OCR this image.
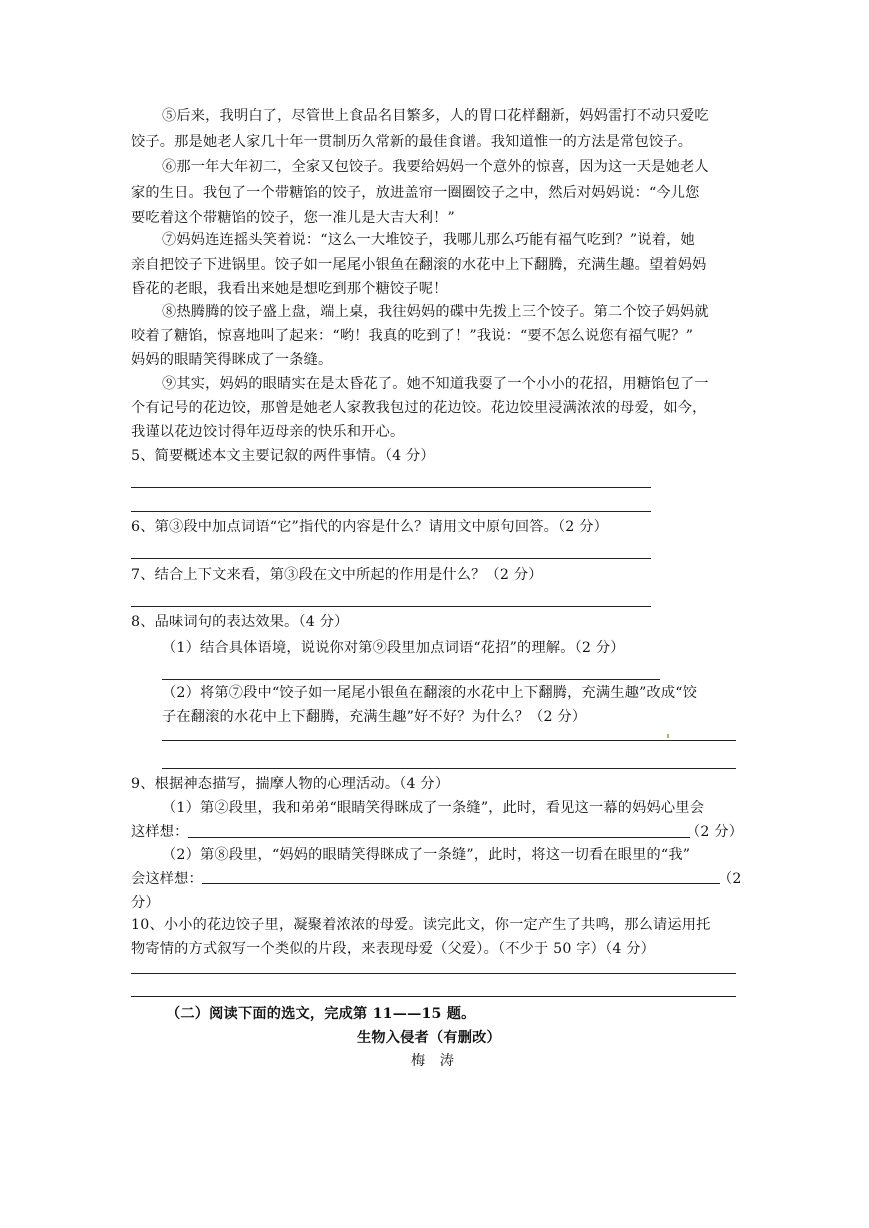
⑤后来，我明白了，尽管世上食品名目繁多，人的胃口花样翻新，妈妈雷打不动只爱吃
饺子。那是她老人家几十年一贯制历久常新的最佳食谱。我知道惟一的方法是常包饺子。
⑥那一年大年初二，全家又包饺子。我要给妈妈一个意外的惊喜，因为这一天是她老人
家的生日。我包了一个带糖馅的饺子，放进盖帘一圈圈饺子之中，然后对妈妈说：“今儿您
要吃着这个带糖馅的饺子，您一准儿是大吉大利！”
⑦妈妈连连摇头笑着说：“这么一大堆饺子，我哪儿那么巧能有福气吃到？”说着，她
亲自把饺子下进锅里。饺子如一尾尾小银鱼在翻滚的水花中上下翻腾，充满生趣。望着妈妈
昏花的老眼，我看出来她是想吃到那个糖饺子呢！
⑧热腾腾的饺子盛上盘，端上桌，我往妈妈的碟中先拨上三个饺子。第二个饺子妈妈就
咬着了糖馅，惊喜地叫了起来：“哟！我真的吃到了！”我说：“要不怎么说您有福气呢？”
妈妈的眼睛笑得眯成了一条缝。
⑨其实，妈妈的眼睛实在是太昏花了。她不知道我耍了一个小小的花招，用糖馅包了一
个有记号的花边饺，那曾是她老人家教我包过的花边饺。花边饺里浸满浓浓的母爱，如今，
我谨以花边饺讨得年迈母亲的快乐和开心。
5、简要概述本文主要记叙的两件事情。（4 分）
6、第③段中加点词语“它”指代的内容是什么？请用文中原句回答。（2 分）
7、结合上下文来看，第③段在文中所起的作用是什么？（2 分）
8、品味词句的表达效果。（4 分）
（1）结合具体语境，说说你对第⑨段里加点词语“花招”的理解。（2 分）
（2）将第⑦段中“饺子如一尾尾小银鱼在翻滚的水花中上下翻腾，充满生趣”改成“饺
子在翻滚的水花中上下翻腾，充满生趣”好不好？为什么？（2 分）
9、根据神态描写，揣摩人物的心理活动。（4 分）
（1）第②段里，我和弟弟“眼睛笑得眯成了一条缝”，此时，看见这一幕的妈妈心里会
这样想：	（2 分）
（2）第⑧段里，“妈妈的眼睛笑得眯成了一条缝”，此时，将这一切看在眼里的“我”
会这样想：	（2
分）
10、小小的花边饺子里，凝聚着浓浓的母爱。读完此文，你一定产生了共鸣，那么请运用托
物寄情的方式叙写一个类似的片段，来表现母爱（父爱）。（不少于 50 字）（4 分）
（二）阅读下面的选文，完成第 11——15 题。
生物入侵者（有删改）
梅　涛
